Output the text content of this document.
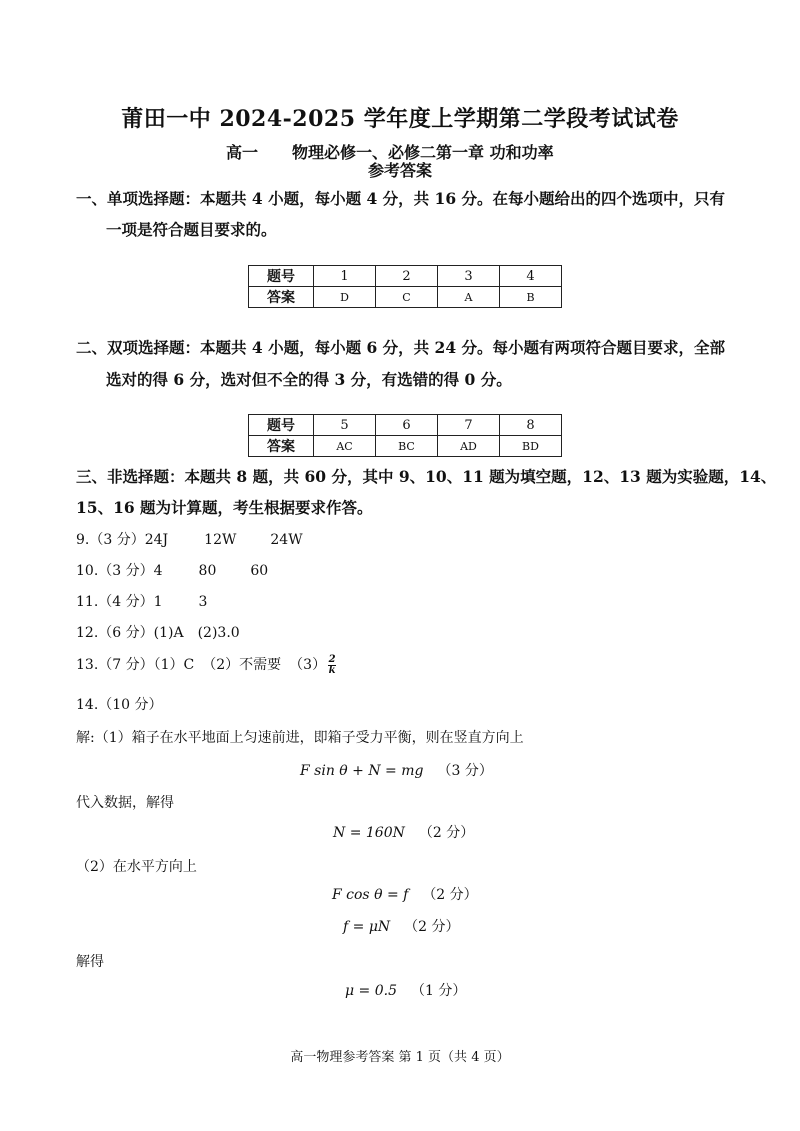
莆田一中 2024-2025 学年度上学期第二学段考试试卷
高一 物理必修一、必修二第一章 功和功率
参考答案
一、单项选择题：本题共 4 小题，每小题 4 分，共 16 分。在每小题给出的四个选项中，只有
一项是符合题目要求的。
题号	1	2	3	4
答案	D	C	A	B
二、双项选择题：本题共 4 小题，每小题 6 分，共 24 分。每小题有两项符合题目要求，全部
选对的得 6 分，选对但不全的得 3 分，有选错的得 0 分。
题号	5	6	7	8
答案	AC	BC	AD	BD
三、非选择题：本题共 8 题，共 60 分，其中 9、10、11 题为填空题，12、13 题为实验题，14、
15、16 题为计算题，考生根据要求作答。
9.（3 分）24J	12W 24W
10.（3 分）4	80 60
11.（4 分）1	3
12.（6 分）(1)A (2)3.0
13.（7 分）（1）C （2）不需要 $(3) \frac{2}{k}$
14.（10 分）
解:（1）箱子在水平地面上匀速前进，即箱子受力平衡，则在竖直方向上
F sin θ + N = mg （3 分）
代入数据，解得
N = 160N （2 分）
（2）在水平方向上
F cos θ = f （2 分）
f = μN （2 分）
解得
μ = 0.5 （1 分）
高一物理参考答案 第 1 页（共 4 页）
